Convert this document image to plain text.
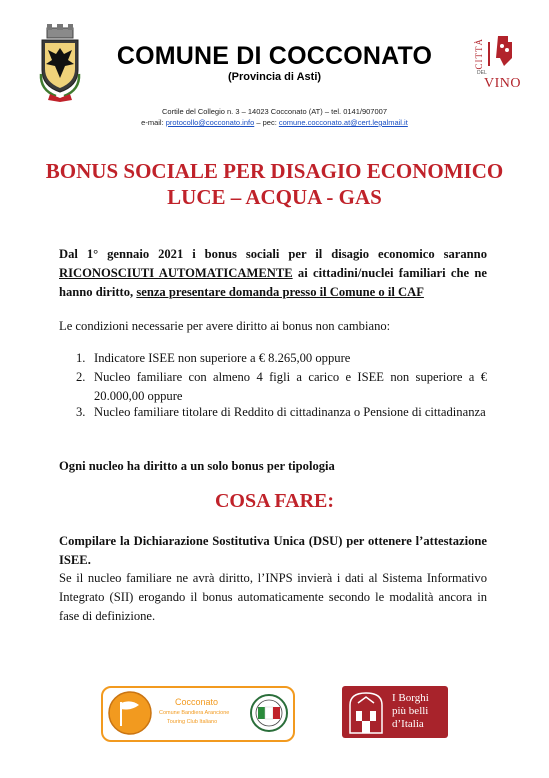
COMUNE DI COCCONATO
(Provincia di Asti)
CITTÀ
DEL
VINO
Cortile del Collegio n. 3 – 14023 Cocconato (AT) – tel. 0141/907007
e-mail: protocollo@cocconato.info – pec: comune.cocconato.at@cert.legalmail.it
BONUS SOCIALE PER DISAGIO ECONOMICO
LUCE – ACQUA - GAS
Dal 1° gennaio 2021 i bonus sociali per il disagio economico saranno RICONOSCIUTI AUTOMATICAMENTE ai cittadini/nuclei familiari che ne hanno diritto, senza presentare domanda presso il Comune o il CAF
Le condizioni necessarie per avere diritto ai bonus non cambiano:
1. Indicatore ISEE non superiore a € 8.265,00 oppure
2. Nucleo familiare con almeno 4 figli a carico e ISEE non superiore a € 20.000,00 oppure
3. Nucleo familiare titolare di Reddito di cittadinanza o Pensione di cittadinanza
Ogni nucleo ha diritto a un solo bonus per tipologia
COSA FARE:
Compilare la Dichiarazione Sostitutiva Unica (DSU) per ottenere l’attestazione ISEE.
Se il nucleo familiare ne avrà diritto, l’INPS invierà i dati al Sistema Informativo Integrato (SII) erogando il bonus automaticamente secondo le modalità ancora in fase di definizione.
Cocconato
Comune Bandiera Arancione
Touring Club Italiano
I Borghi
più belli
d’Italia
